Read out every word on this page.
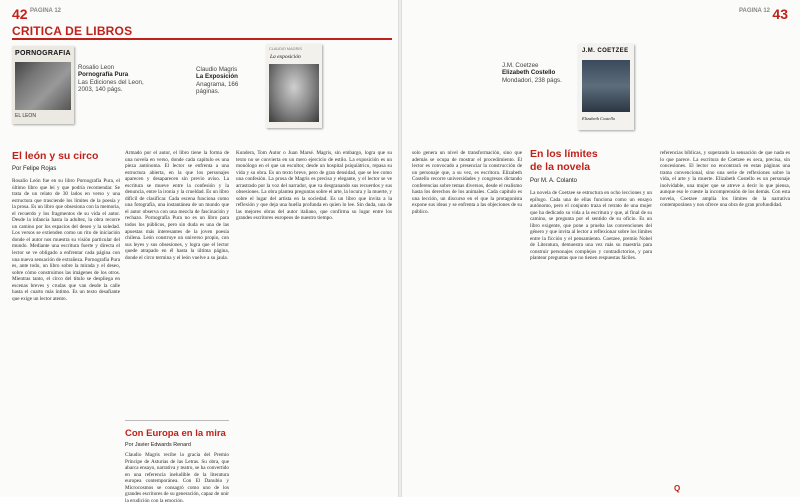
42 PAGINA 12
CRITICA DE LIBROS
PORNOGRAFIA
EL LEON
Rosalio Leon
Pornografía Pura
Las Ediciones del Leon, 2003, 140 págs.
Claudio Magris
La Exposición
Anagrama, 166 páginas.
CLAUDIO MAGRIS
La exposición
El león y su circo
Por Felipe Rojas
Rosalío León fue en su libro Pornografía Pura, el último libro que leí y que podría recomendar. Se trata de un relato de 30 lados en verso y una estructura que trasciende los límites de la poesía y la prosa. Es un libro que obsesiona con la memoria, el recuerdo y los fragmentos de su vida el autor. Desde la infancia hasta la adultez, la obra recorre un camino por los espacios del deseo y la soledad. Los versos se extienden como un rito de iniciación donde el autor nos muestra su visión particular del mundo. Mediante una escritura fuerte y directa el lector se ve obligado a enfrentar cada página con una nueva sensación de extrañeza. Pornografía Pura es, ante todo, un libro sobre la mirada y el deseo, sobre cómo construimos las imágenes de los otros. Mientras tanto, el circo del título se despliega en escenas breves y crudas que van desde la calle hasta el cuarto más íntimo. Es un texto desafiante que exige un lector atento.
Armado por el autor, el libro tiene la forma de una novela en verso, donde cada capítulo es una pieza autónoma. El lector se enfrenta a una estructura abierta, en la que los personajes aparecen y desaparecen sin previo aviso. La escritura se mueve entre la confesión y la denuncia, entre la ironía y la crueldad. Es un libro difícil de clasificar. Cada escena funciona como una fotografía, una instantánea de un mundo que el autor observa con una mezcla de fascinación y rechazo. Pornografía Pura no es un libro para todos los públicos, pero sin duda es una de las apuestas más interesantes de la joven poesía chilena. León construye un universo propio, con sus leyes y sus obsesiones, y logra que el lector quede atrapado en él hasta la última página, donde el circo termina y el león vuelve a su jaula.
Kundera, Tom Autor o Juan Marsé. Magris, sin embargo, logra que su texto no se convierta en un mero ejercicio de estilo. La exposición es un monólogo en el que un escultor, desde un hospital psiquiátrico, repasa su vida y su obra. Es un texto breve, pero de gran densidad, que se lee como una confesión. La prosa de Magris es precisa y elegante, y el lector se ve arrastrado por la voz del narrador, que va desgranando sus recuerdos y sus obsesiones. La obra plantea preguntas sobre el arte, la locura y la muerte, y sobre el lugar del artista en la sociedad. Es un libro que invita a la reflexión y que deja una huella profunda en quien lo lee. Sin duda, una de las mejores obras del autor italiano, que confirma su lugar entre los grandes escritores europeos de nuestro tiempo.
Con Europa en la mira
Por Javier Edwards Renard
Claudio Magris recibe la gracia del Premio Príncipe de Asturias de las Letras. Su obra, que abarca ensayo, narrativa y teatro, se ha convertido en una referencia ineludible de la literatura europea contemporánea. Con El Danubio y Microcosmos se consagró como uno de los grandes escritores de su generación, capaz de unir la erudición con la emoción.
43
PAGINA 12
J.M. Coetzee
Elizabeth Costello
Mondadori, 238 págs.
J.M. COETZEE
Elizabeth Costello
solo genera un nivel de transformación, sino que además se ocupa de mostrar el procedimiento. El lector es convocado a presenciar la construcción de un personaje que, a su vez, es escritora. Elizabeth Costello recorre universidades y congresos dictando conferencias sobre temas diversos, desde el realismo hasta los derechos de los animales. Cada capítulo es una lección, un discurso en el que la protagonista expone sus ideas y se enfrenta a las objeciones de su público.
En los límites
de la novela
Por M. A. Colanto
La novela de Coetzee se estructura en ocho lecciones y un epílogo. Cada una de ellas funciona como un ensayo autónomo, pero el conjunto traza el retrato de una mujer que ha dedicado su vida a la escritura y que, al final de su camino, se pregunta por el sentido de su oficio. Es un libro exigente, que pone a prueba las convenciones del género y que invita al lector a reflexionar sobre los límites entre la ficción y el pensamiento. Coetzee, premio Nobel de Literatura, demuestra una vez más su maestría para construir personajes complejos y contradictorios, y para plantear preguntas que no tienen respuestas fáciles.
referencias bíblicas, y superando la sensación de que nada es lo que parece. La escritura de Coetzee es seca, precisa, sin concesiones. El lector no encontrará en estas páginas una trama convencional, sino una serie de reflexiones sobre la vida, el arte y la muerte. Elizabeth Costello es un personaje inolvidable, una mujer que se atreve a decir lo que piensa, aunque eso le cueste la incomprensión de los demás. Con esta novela, Coetzee amplía los límites de la narrativa contemporánea y nos ofrece una obra de gran profundidad.
Q
